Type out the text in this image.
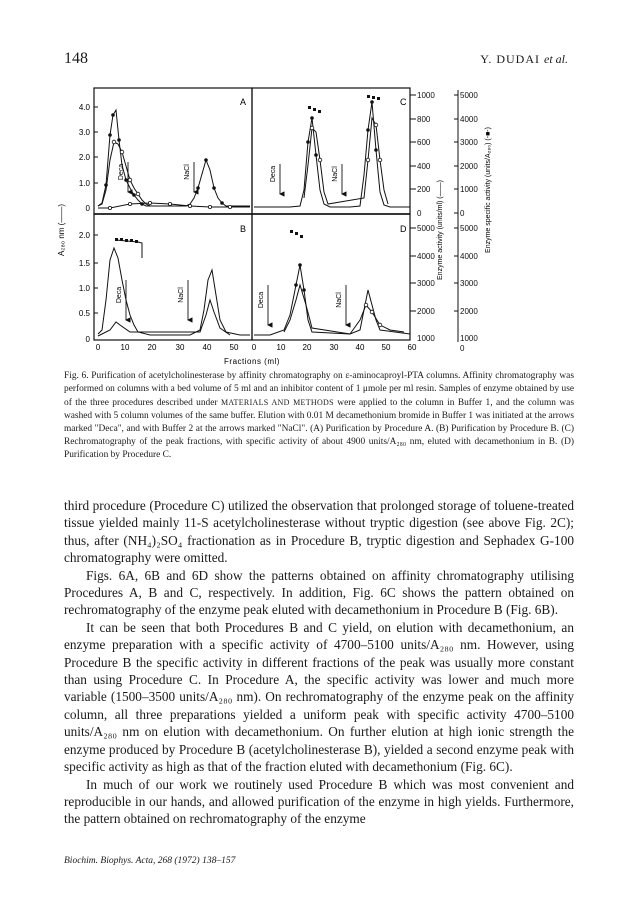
148	Y. DUDAI et al.
A	C
B	D
4.0
3.0
2.0
1.0
0
2.0
1.5
1.0
0.5
0
A₂₈₀ nm (——)
1000
800
600
400
200
0
5000
4000
3000
2000
1000
5000
4000
3000
2000
1000
0
5000
4000
3000
2000
1000
0
Enzyme activity (units/ml) (——)	Enzyme specific activity (units/A₂₈₀) (-■-)
0	10 20 30 40 50 0	10 20 30 40 50 60
Fractions (ml)
Deca	NaCl	Deca	NaCl
Deca	NaCl	Deca	NaCl
Fig. 6. Purification of acetylcholinesterase by affinity chromatography on ε-aminocaproyl-PTA columns. Affinity chromatography was performed on columns with a bed volume of 5 ml and an inhibitor content of 1 μmole per ml resin. Samples of enzyme obtained by use of the three procedures described under MATERIALS AND METHODS were applied to the column in Buffer 1, and the column was washed with 5 column volumes of the same buffer. Elution with 0.01 M decamethonium bromide in Buffer 1 was initiated at the arrows marked "Deca", and with Buffer 2 at the arrows marked "NaCl". (A) Purification by Procedure A. (B) Purification by Procedure B. (C) Rechromatography of the peak fractions, with specific activity of about 4900 units/A₂₈₀ nm, eluted with decamethonium in B. (D) Purification by Procedure C.

third procedure (Procedure C) utilized the observation that prolonged storage of toluene-treated tissue yielded mainly 11-S acetylcholinesterase without tryptic digestion (see above Fig. 2C); thus, after (NH₄)₂SO₄ fractionation as in Procedure B, tryptic digestion and Sephadex G-100 chromatography were omitted.

Figs. 6A, 6B and 6D show the patterns obtained on affinity chromatography utilising Procedures A, B and C, respectively. In addition, Fig. 6C shows the pattern obtained on rechromatography of the enzyme peak eluted with decamethonium in Procedure B (Fig. 6B).

It can be seen that both Procedures B and C yield, on elution with decamethonium, an enzyme preparation with a specific activity of 4700–5100 units/A₂₈₀ nm. However, using Procedure B the specific activity in different fractions of the peak was usually more constant than using Procedure C. In Procedure A, the specific activity was lower and much more variable (1500–3500 units/A₂₈₀ nm). On rechromatography of the enzyme peak on the affinity column, all three preparations yielded a uniform peak with specific activity 4700–5100 units/A₂₈₀ nm on elution with decamethonium. On further elution at high ionic strength the enzyme produced by Procedure B (acetylcholinesterase B), yielded a second enzyme peak with specific activity as high as that of the fraction eluted with decamethonium (Fig. 6C).

In much of our work we routinely used Procedure B which was most convenient and reproducible in our hands, and allowed purification of the enzyme in high yields. Furthermore, the pattern obtained on rechromatography of the enzyme

Biochim. Biophys. Acta, 268 (1972) 138–157
